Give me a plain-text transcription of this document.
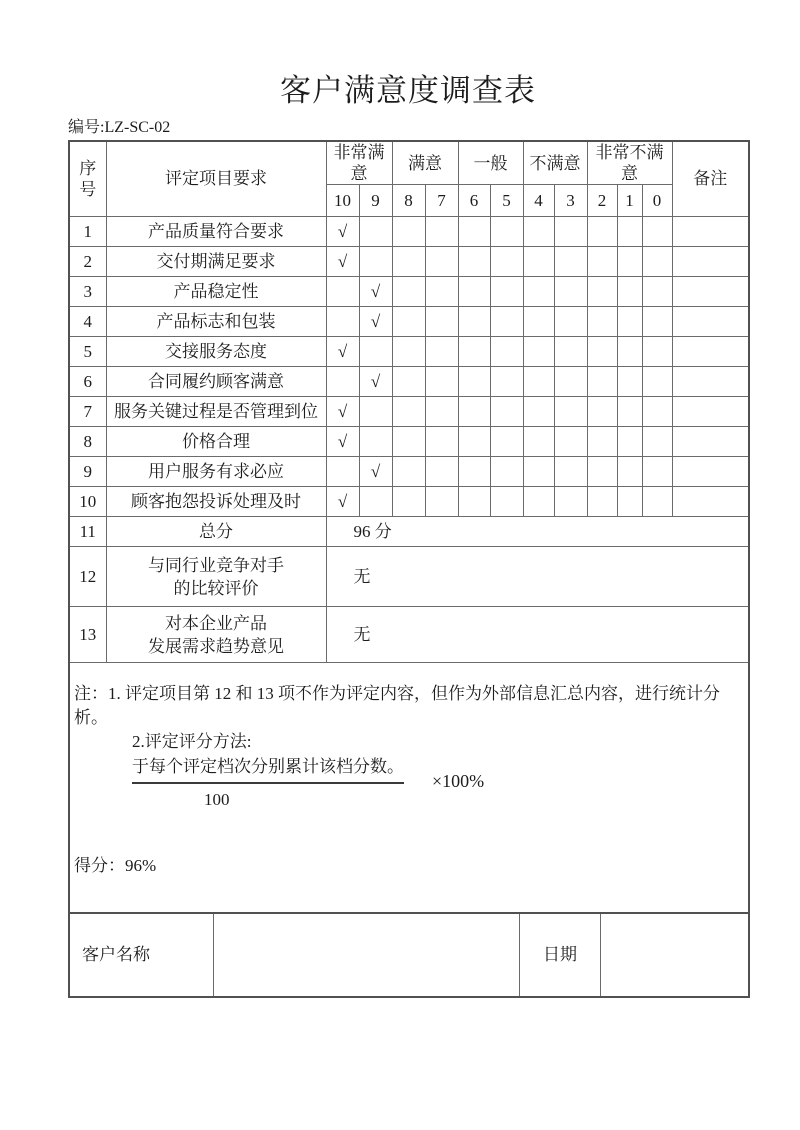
客户满意度调查表
编号:LZ-SC-02
序号	评定项目要求	非常满意		满意		一般		不满意		非常不满意			备注
		10	9	8	7	6	5	4	3	2	1	0	
1	产品质量符合要求	√											
2	交付期满足要求	√											
3	产品稳定性		√										
4	产品标志和包装		√										
5	交接服务态度	√											
6	合同履约顾客满意		√										
7	服务关键过程是否管理到位	√											
8	价格合理	√											
9	用户服务有求必应		√										
10	顾客抱怨投诉处理及时	√											
11	总分	96 分											
12	与同行业竞争对手
的比较评价	无											
13	对本企业产品
发展需求趋势意见	无											

注：1. 评定项目第 12 和 13 项不作为评定内容，但作为外部信息汇总内容，进行统计分析。
2.评定评分方法:
$\frac{\text{于每个评定档次分别累计该档分数。}}{100} \times 100\%$
得分：96%

客户名称 日期													
